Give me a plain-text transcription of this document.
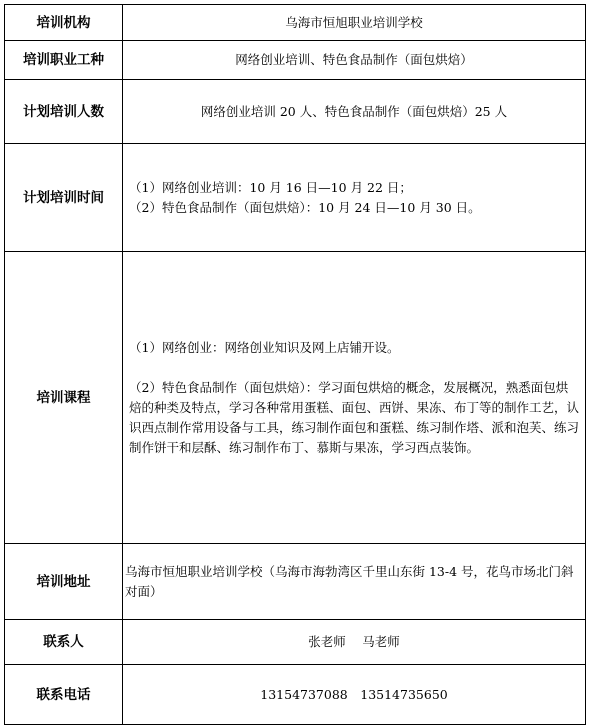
培训机构	乌海市恒旭职业培训学校
培训职业工种	网络创业培训、特色食品制作（面包烘焙）
计划培训人数	网络创业培训 20 人、特色食品制作（面包烘焙）25 人
计划培训时间	（1）网络创业培训：10 月 16 日—10 月 22 日；
（2）特色食品制作（面包烘焙）：10 月 24 日—10 月 30 日。

培训课程	（1）网络创业：网络创业知识及网上店铺开设。
（2）特色食品制作（面包烘焙）：学习面包烘焙的概念，发展概况，熟悉面包烘焙的种类及特点，学习各种常用蛋糕、面包、西饼、果冻、布丁等的制作工艺，认识西点制作常用设备与工具，练习制作面包和蛋糕、练习制作塔、派和泡芙、练习制作饼干和层酥、练习制作布丁、慕斯与果冻，学习西点装饰。

培训地址	乌海市恒旭职业培训学校（乌海市海勃湾区千里山东街 13-4 号，花鸟市场北门斜对面）
联系人	张老师　 马老师
联系电话	13154737088　13514735650
